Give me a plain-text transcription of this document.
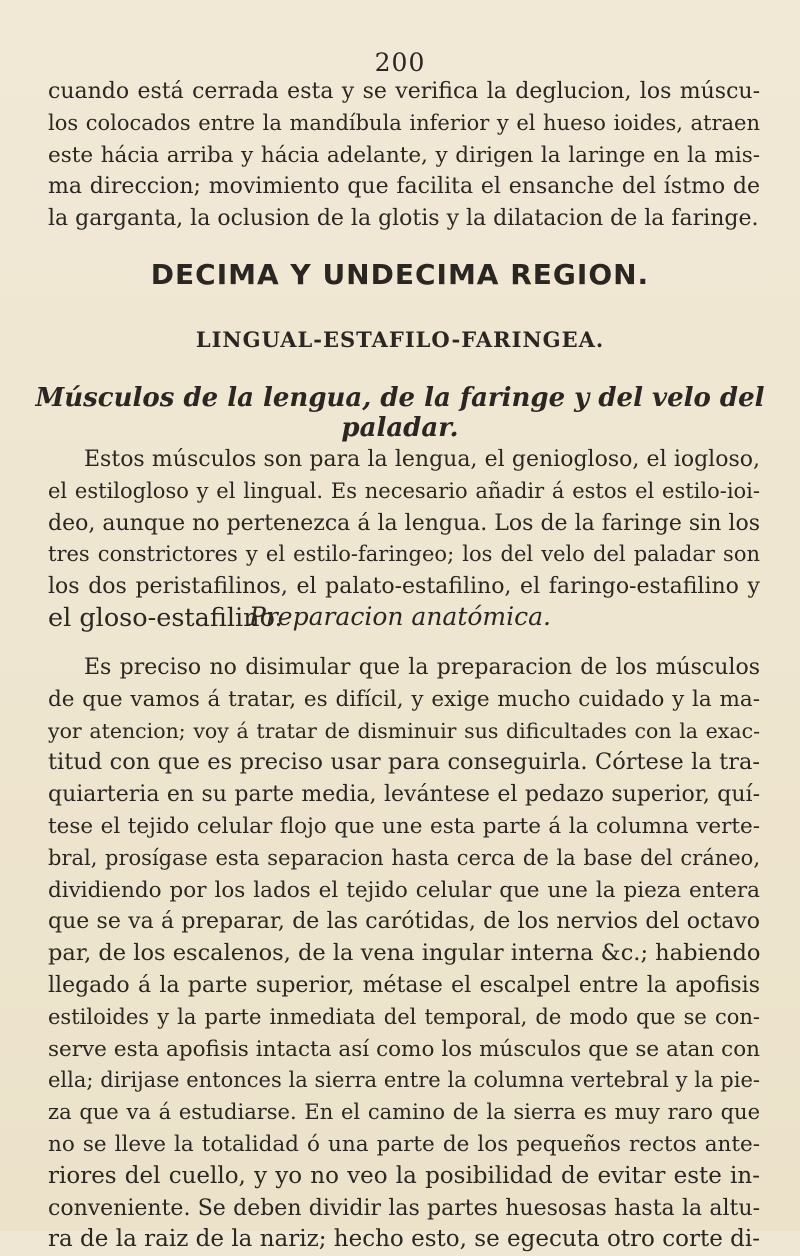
200
cuando está cerrada esta y se verifica la deglucion, los múscu-
los colocados entre la mandíbula inferior y el hueso ioides, atraen
este hácia arriba y hácia adelante, y dirigen la laringe en la mis-
ma direccion; movimiento que facilita el ensanche del ístmo de
la garganta, la oclusion de la glotis y la dilatacion de la faringe.
DECIMA Y UNDECIMA REGION.
LINGUAL-ESTAFILO-FARINGEA.
Músculos de la lengua, de la faringe y del velo del paladar.
Estos músculos son para la lengua, el geniogloso, el iogloso,
el estilogloso y el lingual. Es necesario añadir á estos el estilo-ioi-
deo, aunque no pertenezca á la lengua. Los de la faringe sin los
tres constrictores y el estilo-faringeo; los del velo del paladar son
los dos peristafilinos, el palato-estafilino, el faringo-estafilino y
el gloso-estafilino.
Preparacion anatómica.
Es preciso no disimular que la preparacion de los músculos
de que vamos á tratar, es difícil, y exige mucho cuidado y la ma-
yor atencion; voy á tratar de disminuir sus dificultades con la exac-
titud con que es preciso usar para conseguirla. Córtese la tra-
quiarteria en su parte media, levántese el pedazo superior, quí-
tese el tejido celular flojo que une esta parte á la columna verte-
bral, prosígase esta separacion hasta cerca de la base del cráneo,
dividiendo por los lados el tejido celular que une la pieza entera
que se va á preparar, de las carótidas, de los nervios del octavo
par, de los escalenos, de la vena ingular interna &c.; habiendo
llegado á la parte superior, métase el escalpel entre la apofisis
estiloides y la parte inmediata del temporal, de modo que se con-
serve esta apofisis intacta así como los músculos que se atan con
ella; dirijase entonces la sierra entre la columna vertebral y la pie-
za que va á estudiarse. En el camino de la sierra es muy raro que
no se lleve la totalidad ó una parte de los pequeños rectos ante-
riores del cuello, y yo no veo la posibilidad de evitar este in-
conveniente. Se deben dividir las partes huesosas hasta la altu-
ra de la raiz de la nariz; hecho esto, se egecuta otro corte di-
